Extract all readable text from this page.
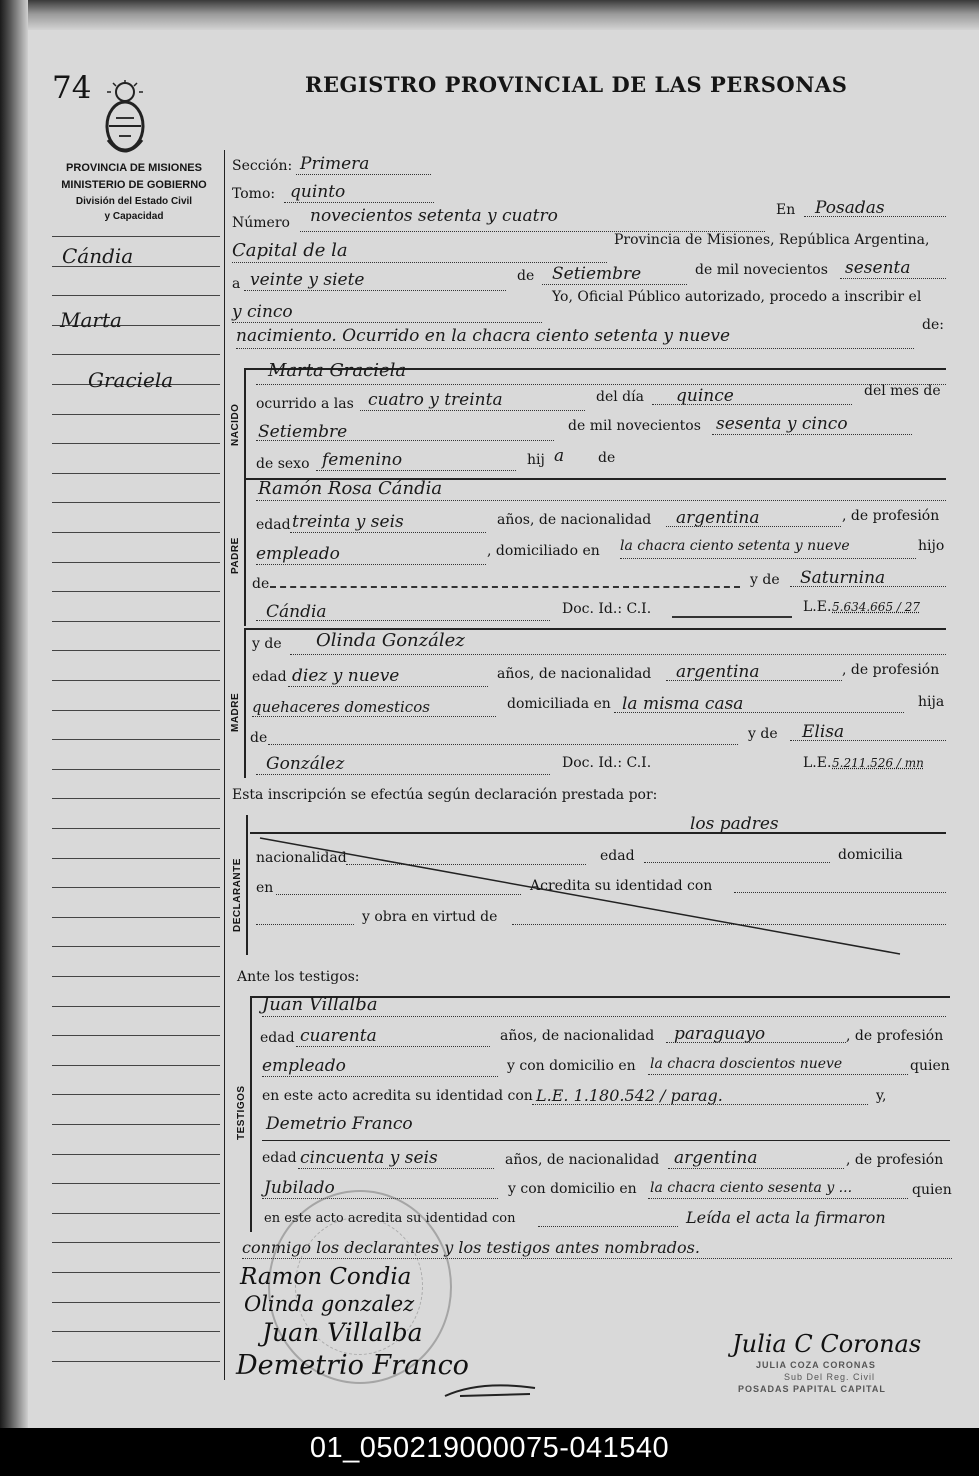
74	REGISTRO PROVINCIAL DE LAS PERSONAS
PROVINCIA DE MISIONES
MINISTERIO DE GOBIERNO
División del Estado Civil
y Capacidad
Cándia
Marta
Graciela
Sección: Primera
Tomo: quinto
Número novecientos setenta y cuatro	En Posadas
Capital de la	Provincia de Misiones, República Argentina,
a veinte y siete	de Setiembre	de mil novecientos sesenta
y cinco
Yo, Oficial Público autorizado, procedo a inscribir el
nacimiento. Ocurrido en la chacra ciento setenta y nueve
de:
NACIDO
Marta Graciela
ocurrido a las cuatro y treinta	del día quince	del mes de
Setiembre	de mil novecientos sesenta y cinco
de sexo femenino	hij a de
PADRE
Ramón Rosa Cándia
edad treinta y seis	años, de nacionalidad argentina	, de profesión
empleado	, domiciliado en la chacra ciento setenta y nueve	hijo
de	y de Saturnina
Cándia	Doc. Id.: C.I.	L.E. 5.634.665 / 27
MADRE
y de Olinda González
edad diez y nueve	años, de nacionalidad argentina	, de profesión
quehaceres domesticos	domiciliada en la misma casa	hija
de	y de Elisa
González	Doc. Id.: C.I.	L.E. 5.211.526 / mn
Esta inscripción se efectúa según declaración prestada por:
los padres
DECLARANTE
nacionalidad	edad	domicilia
en	Acredita su identidad con
y obra en virtud de
Ante los testigos:
TESTIGOS
Juan Villalba
edad cuarenta	años, de nacionalidad paraguayo	, de profesión
empleado	y con domicilio en la chacra doscientos nueve	quien
en este acto acredita su identidad con L.E. 1.180.542 / parag.	y,
Demetrio Franco
edad cincuenta y seis	años, de nacionalidad argentina	, de profesión
Jubilado	y con domicilio en la chacra ciento sesenta y ...	quien
en este acto acredita su identidad con	Leída el acta la firmaron
conmigo los declarantes y los testigos antes nombrados.
Ramon Condia
Olinda gonzalez
Juan Villalba
Demetrio Franco
Julia C Coronas
JULIA COZA CORONAS
Sub Del Reg. Civil
POSADAS PAPITAL CAPITAL
01_050219000075-041540
